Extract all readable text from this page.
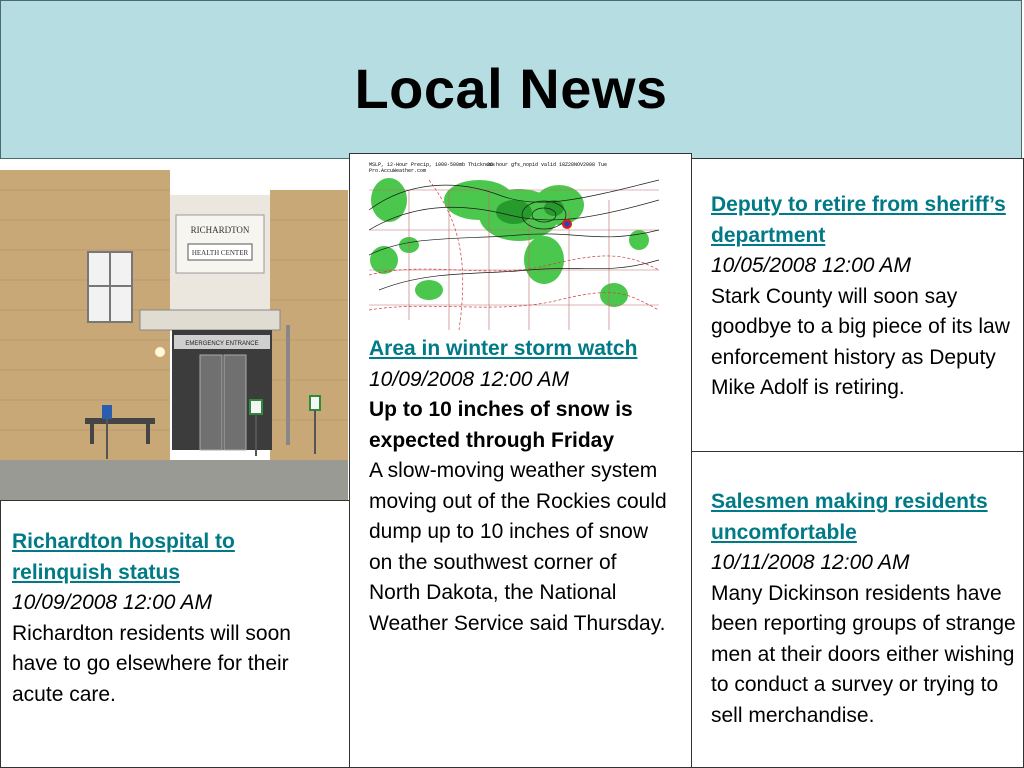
Local News
RICHARDTON
HEALTH CENTER
EMERGENCY ENTRANCE
MSLP, 12-Hour Precip, 1000-500mb Thickness
Pro.AccuWeather.com
36 hour gfs_nopid valid 18Z28NOV2008 Tue
Area in winter storm watch
10/09/2008 12:00 AM
Up to 10 inches of snow is expected through Friday
A slow-moving weather system moving out of the Rockies could dump up to 10 inches of snow on the southwest corner of North Dakota, the National Weather Service said Thursday.
Deputy to retire from sheriff’s department
10/05/2008 12:00 AM
Stark County will soon say goodbye to a big piece of its law enforcement history as Deputy Mike Adolf is retiring.
Salesmen making residents uncomfortable
10/11/2008 12:00 AM
Many Dickinson residents have been reporting groups of strange men at their doors either wishing to conduct a survey or trying to sell merchandise.
Richardton hospital to relinquish status
10/09/2008 12:00 AM
Richardton residents will soon have to go elsewhere for their acute care.
